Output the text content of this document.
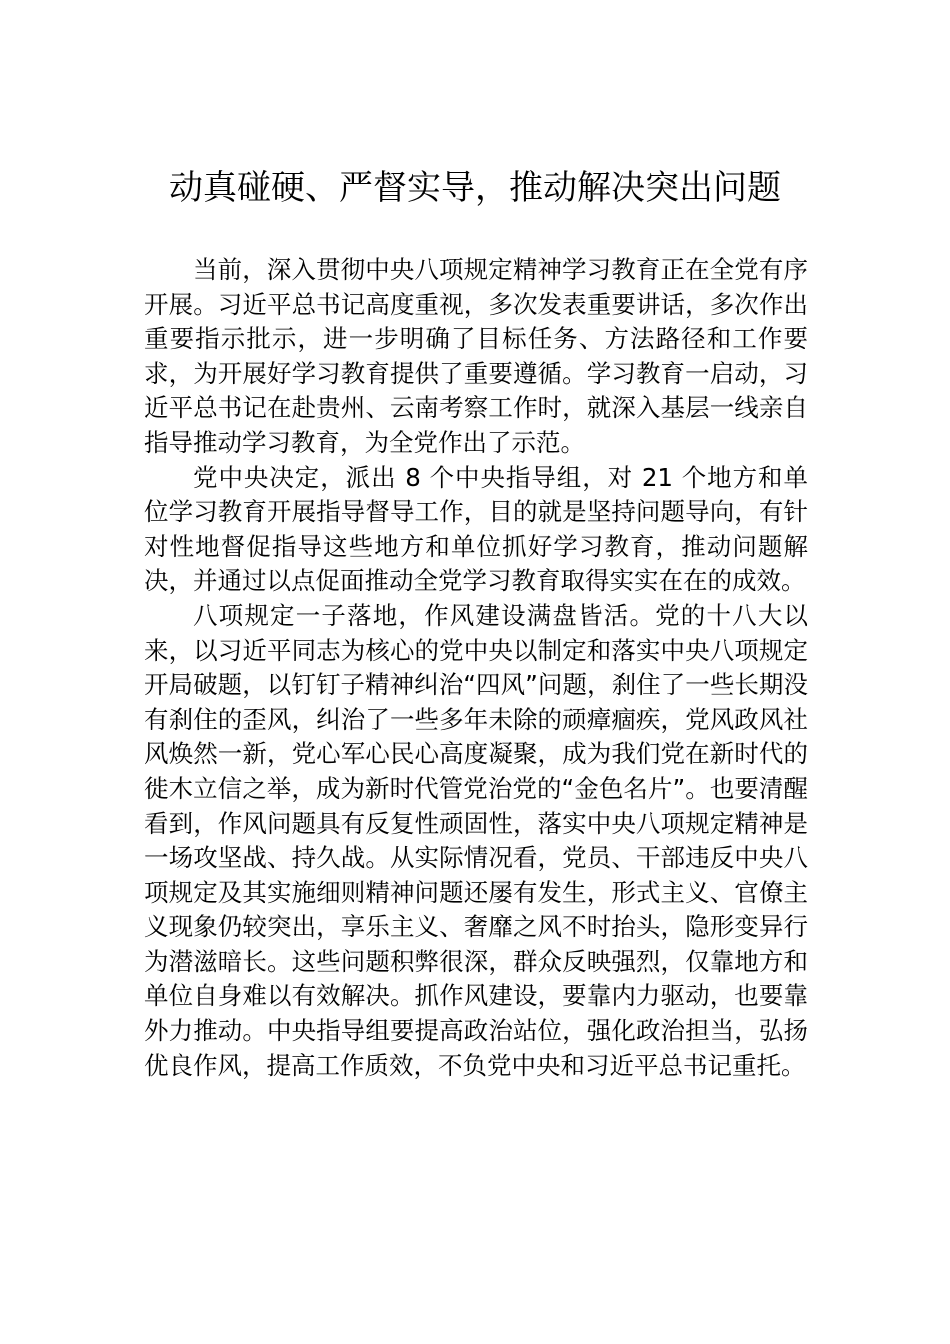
动真碰硬、严督实导，推动解决突出问题

当前，深入贯彻中央八项规定精神学习教育正在全党有序开展。习近平总书记高度重视，多次发表重要讲话，多次作出重要指示批示，进一步明确了目标任务、方法路径和工作要求，为开展好学习教育提供了重要遵循。学习教育一启动，习近平总书记在赴贵州、云南考察工作时，就深入基层一线亲自指导推动学习教育，为全党作出了示范。

党中央决定，派出 8 个中央指导组，对 21 个地方和单位学习教育开展指导督导工作，目的就是坚持问题导向，有针对性地督促指导这些地方和单位抓好学习教育，推动问题解决，并通过以点促面推动全党学习教育取得实实在在的成效。

八项规定一子落地，作风建设满盘皆活。党的十八大以来，以习近平同志为核心的党中央以制定和落实中央八项规定开局破题，以钉钉子精神纠治“四风”问题，刹住了一些长期没有刹住的歪风，纠治了一些多年未除的顽瘴痼疾，党风政风社风焕然一新，党心军心民心高度凝聚，成为我们党在新时代的徙木立信之举，成为新时代管党治党的“金色名片”。也要清醒看到，作风问题具有反复性顽固性，落实中央八项规定精神是一场攻坚战、持久战。从实际情况看，党员、干部违反中央八项规定及其实施细则精神问题还屡有发生，形式主义、官僚主义现象仍较突出，享乐主义、奢靡之风不时抬头，隐形变异行为潜滋暗长。这些问题积弊很深，群众反映强烈，仅靠地方和单位自身难以有效解决。抓作风建设，要靠内力驱动，也要靠外力推动。中央指导组要提高政治站位，强化政治担当，弘扬优良作风，提高工作质效，不负党中央和习近平总书记重托。
